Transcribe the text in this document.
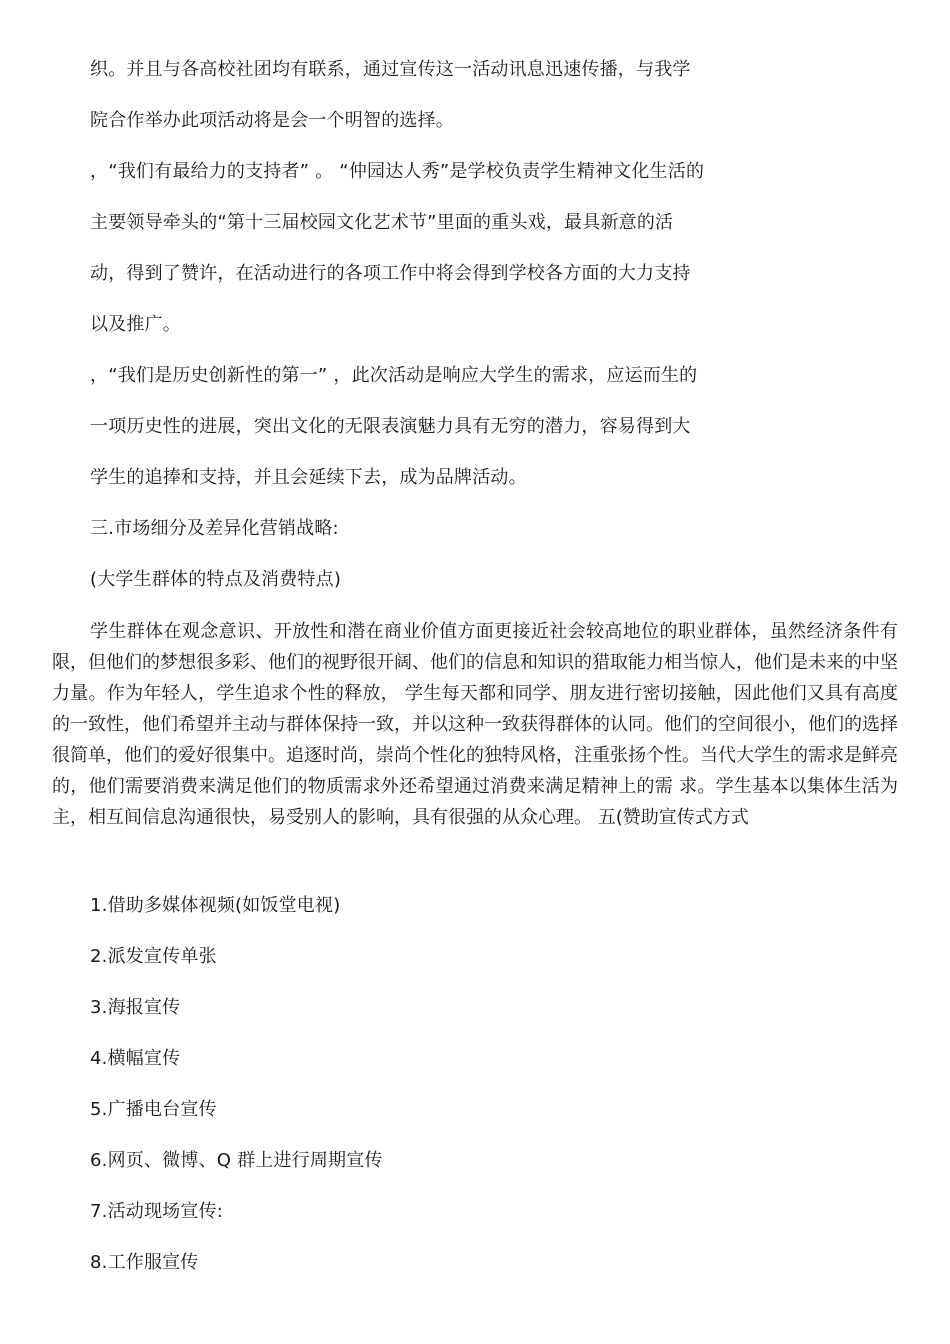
织。并且与各高校社团均有联系，通过宣传这一活动讯息迅速传播，与我学
院合作举办此项活动将是会一个明智的选择。
，“我们有最给力的支持者” 。 “仲园达人秀”是学校负责学生精神文化生活的
主要领导牵头的“第十三届校园文化艺术节”里面的重头戏，最具新意的活
动，得到了赞许，在活动进行的各项工作中将会得到学校各方面的大力支持
以及推广。
，“我们是历史创新性的第一” ，此次活动是响应大学生的需求，应运而生的
一项历史性的进展，突出文化的无限表演魅力具有无穷的潜力，容易得到大
学生的追捧和支持，并且会延续下去，成为品牌活动。
三.市场细分及差异化营销战略:
(大学生群体的特点及消费特点)
学生群体在观念意识、开放性和潜在商业价值方面更接近社会较高地位的职业群体，虽然经济条件有限，但他们的梦想很多彩、他们的视野很开阔、他们的信息和知识的猎取能力相当惊人，他们是未来的中坚力量。作为年轻人，学生追求个性的释放， 学生每天都和同学、朋友进行密切接触，因此他们又具有高度的一致性，他们希望并主动与群体保持一致，并以这种一致获得群体的认同。他们的空间很小，他们的选择很简单，他们的爱好很集中。追逐时尚，崇尚个性化的独特风格，注重张扬个性。当代大学生的需求是鲜亮的，他们需要消费来满足他们的物质需求外还希望通过消费来满足精神上的需 求。学生基本以集体生活为主，相互间信息沟通很快，易受别人的影响，具有很强的从众心理。 五(赞助宣传式方式
1.借助多媒体视频(如饭堂电视)
2.派发宣传单张
3.海报宣传
4.横幅宣传
5.广播电台宣传
6.网页、微博、Q 群上进行周期宣传
7.活动现场宣传:
8.工作服宣传
